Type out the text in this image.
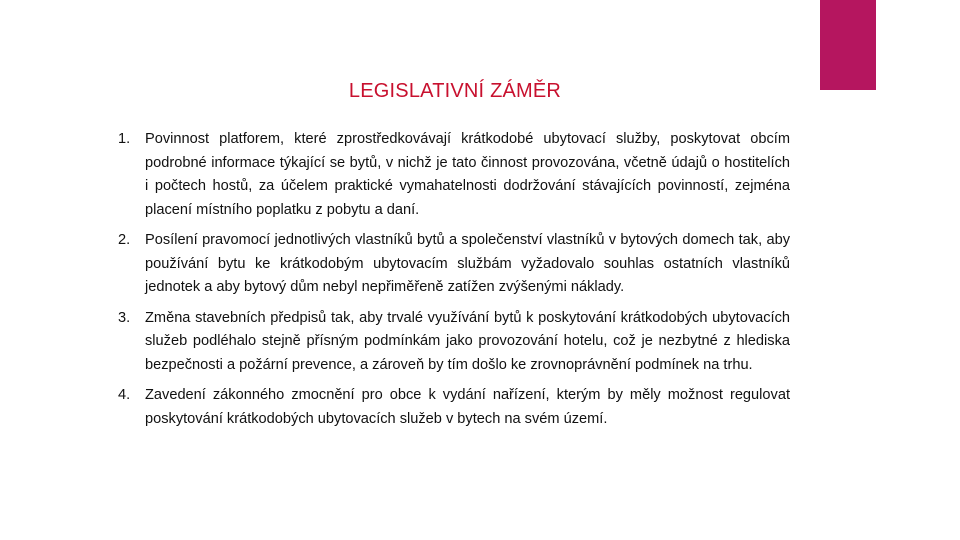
LEGISLATIVNÍ ZÁMĚR
1. Povinnost platforem, které zprostředkovávají krátkodobé ubytovací služby, poskytovat obcím podrobné informace týkající se bytů, v nichž je tato činnost provozována, včetně údajů o hostitelích i počtech hostů, za účelem praktické vymahatelnosti dodržování stávajících povinností, zejména placení místního poplatku z pobytu a daní.
2. Posílení pravomocí jednotlivých vlastníků bytů a společenství vlastníků v bytových domech tak, aby používání bytu ke krátkodobým ubytovacím službám vyžadovalo souhlas ostatních vlastníků jednotek a aby bytový dům nebyl nepřiměřeně zatížen zvýšenými náklady.
3. Změna stavebních předpisů tak, aby trvalé využívání bytů k poskytování krátkodobých ubytovacích služeb podléhalo stejně přísným podmínkám jako provozování hotelu, což je nezbytné z hlediska bezpečnosti a požární prevence, a zároveň by tím došlo ke zrovnoprávnění podmínek na trhu.
4. Zavedení zákonného zmocnění pro obce k vydání nařízení, kterým by měly možnost regulovat poskytování krátkodobých ubytovacích služeb v bytech na svém území.
